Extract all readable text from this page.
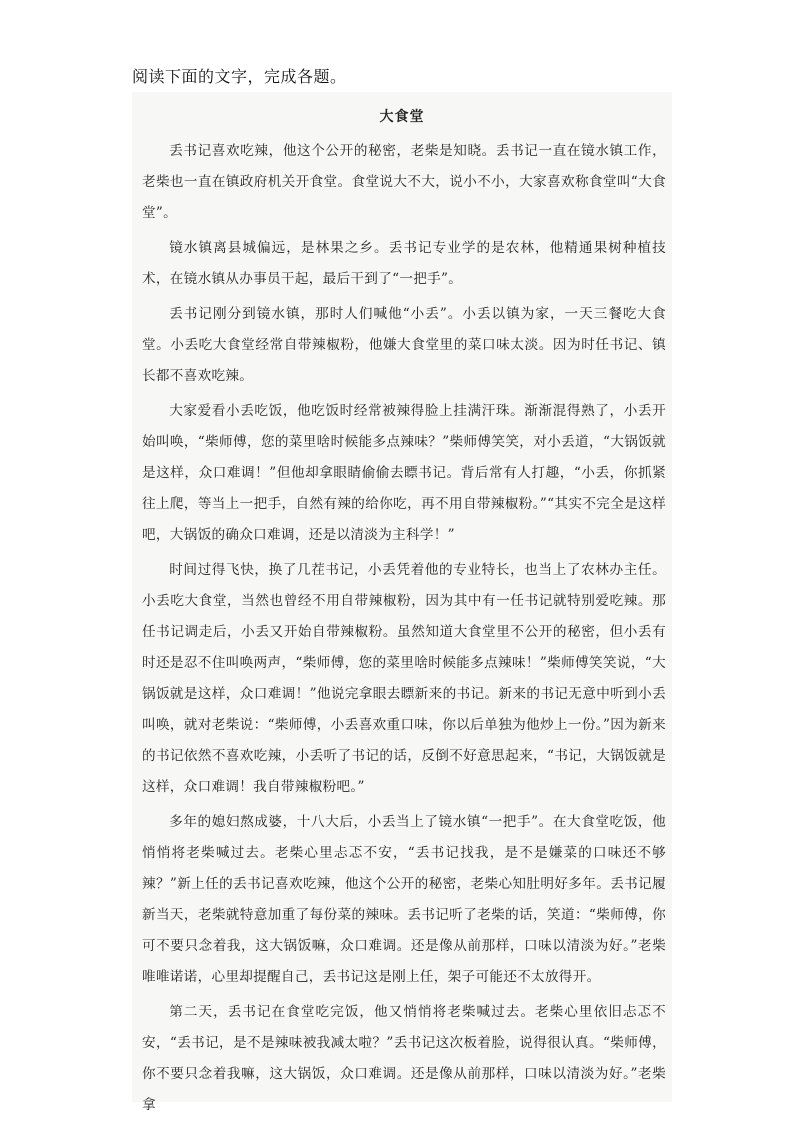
阅读下面的文字，完成各题。
大食堂

丢书记喜欢吃辣，他这个公开的秘密，老柴是知晓。丢书记一直在镜水镇工作，老柴也一直在镇政府机关开食堂。食堂说大不大，说小不小，大家喜欢称食堂叫“大食堂”。

镜水镇离县城偏远，是林果之乡。丢书记专业学的是农林，他精通果树种植技术，在镜水镇从办事员干起，最后干到了“一把手”。

丢书记刚分到镜水镇，那时人们喊他“小丢”。小丢以镇为家，一天三餐吃大食堂。小丢吃大食堂经常自带辣椒粉，他嫌大食堂里的菜口味太淡。因为时任书记、镇长都不喜欢吃辣。

大家爱看小丢吃饭，他吃饭时经常被辣得脸上挂满汗珠。渐渐混得熟了，小丢开始叫唤，“柴师傅，您的菜里啥时候能多点辣味？”柴师傅笑笑，对小丢道，“大锅饭就是这样，众口难调！”但他却拿眼睛偷偷去瞟书记。背后常有人打趣，“小丢，你抓紧往上爬，等当上一把手，自然有辣的给你吃，再不用自带辣椒粉。”“其实不完全是这样吧，大锅饭的确众口难调，还是以清淡为主科学！”

时间过得飞快，换了几茬书记，小丢凭着他的专业特长，也当上了农林办主任。小丢吃大食堂，当然也曾经不用自带辣椒粉，因为其中有一任书记就特别爱吃辣。那任书记调走后，小丢又开始自带辣椒粉。虽然知道大食堂里不公开的秘密，但小丢有时还是忍不住叫唤两声，“柴师傅，您的菜里啥时候能多点辣味！”柴师傅笑笑说，“大锅饭就是这样，众口难调！”他说完拿眼去瞟新来的书记。新来的书记无意中听到小丢叫唤，就对老柴说：“柴师傅，小丢喜欢重口味，你以后单独为他炒上一份。”因为新来的书记依然不喜欢吃辣，小丢听了书记的话，反倒不好意思起来，“书记，大锅饭就是这样，众口难调！我自带辣椒粉吧。”

多年的媳妇熬成婆，十八大后，小丢当上了镜水镇“一把手”。在大食堂吃饭，他悄悄将老柴喊过去。老柴心里忐忑不安，“丢书记找我，是不是嫌菜的口味还不够辣？”新上任的丢书记喜欢吃辣，他这个公开的秘密，老柴心知肚明好多年。丢书记履新当天，老柴就特意加重了每份菜的辣味。丢书记听了老柴的话，笑道：“柴师傅，你可不要只念着我，这大锅饭嘛，众口难调。还是像从前那样，口味以清淡为好。”老柴唯唯诺诺，心里却提醒自己，丢书记这是刚上任，架子可能还不太放得开。

第二天，丢书记在食堂吃完饭，他又悄悄将老柴喊过去。老柴心里依旧忐忑不安，“丢书记，是不是辣味被我减太啦？”丢书记这次板着脸，说得很认真。“柴师傅，你不要只念着我嘛，这大锅饭，众口难调。还是像从前那样，口味以清淡为好。”老柴拿
